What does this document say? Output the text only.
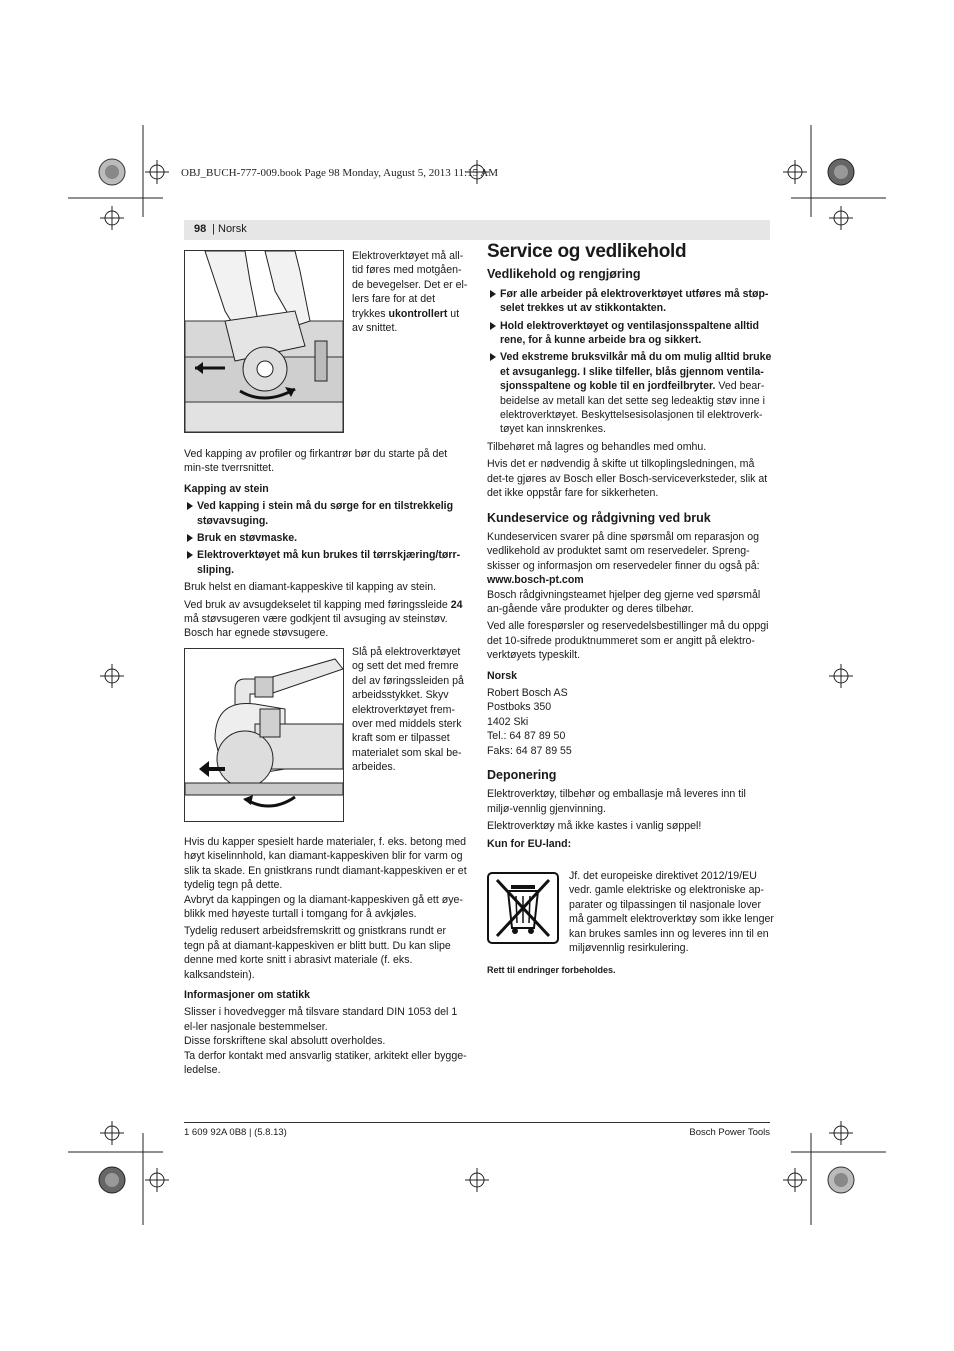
OBJ_BUCH-777-009.book Page 98 Monday, August 5, 2013 11:15 AM
98 | Norsk
Elektroverktøyet må all-
tid føres med motgåen-
de bevegelser. Det er el-
lers fare for at det
trykkes ukontrollert ut
av snittet.

Ved kapping av profiler og firkantrør bør du starte på det min-ste tverrsnittet.

Kapping av stein
Ved kapping i stein må du sørge for en tilstrekkelig støvavsuging.
Bruk en støvmaske.
Elektroverktøyet må kun brukes til tørrskjæring/tørr-sliping.

Bruk helst en diamant-kappeskive til kapping av stein.

Ved bruk av avsugdekselet til kapping med føringssleide 24 må støvsugeren være godkjent til avsuging av steinstøv. Bosch har egnede støvsugere.

Slå på elektroverktøyet
og sett det med fremre
del av føringssleiden på
arbeidsstykket. Skyv
elektroverktøyet frem-
over med middels sterk
kraft som er tilpasset
materialet som skal be-
arbeides.

Hvis du kapper spesielt harde materialer, f. eks. betong med høyt kiselinnhold, kan diamant-kappeskiven blir for varm og slik ta skade. En gnistkrans rundt diamant-kappeskiven er et tydelig tegn på dette.

Avbryt da kappingen og la diamant-kappeskiven gå ett øye-blikk med høyeste turtall i tomgang for å avkjøles.

Tydelig redusert arbeidsfremskritt og gnistkrans rundt er tegn på at diamant-kappeskiven er blitt butt. Du kan slipe denne med korte snitt i abrasivt materiale (f. eks. kalksandstein).

Informasjoner om statikk

Slisser i hovedvegger må tilsvare standard DIN 1053 del 1 el-ler nasjonale bestemmelser.

Disse forskriftene skal absolutt overholdes.

Ta derfor kontakt med ansvarlig statiker, arkitekt eller bygge-ledelse.

Service og vedlikehold
Vedlikehold og rengjøring
Før alle arbeider på elektroverktøyet utføres må støp-selet trekkes ut av stikkontakten.
Hold elektroverktøyet og ventilasjonsspaltene alltid rene, for å kunne arbeide bra og sikkert.
Ved ekstreme bruksvilkår må du om mulig alltid bruke et avsuganlegg. I slike tilfeller, blås gjennom ventila-sjonsspaltene og koble til en jordfeilbryter. Ved bear-beidelse av metall kan det sette seg ledeaktig støv inne i elektroverktøyet. Beskyttelsesisolasjonen til elektroverk-tøyet kan innskrenkes.

Tilbehøret må lagres og behandles med omhu.

Hvis det er nødvendig å skifte ut tilkoplingsledningen, må det-te gjøres av Bosch eller Bosch-serviceverksteder, slik at det ikke oppstår fare for sikkerheten.

Kundeservice og rådgivning ved bruk

Kundeservicen svarer på dine spørsmål om reparasjon og vedlikehold av produktet samt om reservedeler. Spreng-skisser og informasjon om reservedeler finner du også på:

www.bosch-pt.com

Bosch rådgivningsteamet hjelper deg gjerne ved spørsmål an-gående våre produkter og deres tilbehør.

Ved alle forespørsler og reservedelsbestillinger må du oppgi det 10-sifrede produktnummeret som er angitt på elektro-verktøyets typeskilt.

Norsk
Robert Bosch AS
Postboks 350
1402 Ski
Tel.: 64 87 89 50
Faks: 64 87 89 55
Deponering

Elektroverktøy, tilbehør og emballasje må leveres inn til miljø-vennlig gjenvinning.

Elektroverktøy må ikke kastes i vanlig søppel!

Kun for EU-land:
Jf. det europeiske direktivet 2012/19/EU
vedr. gamle elektriske og elektroniske ap-
parater og tilpassingen til nasjonale lover
må gammelt elektroverktøy som ikke lenger
kan brukes samles inn og leveres inn til en
miljøvennlig resirkulering.
Rett til endringer forbeholdes.
1 609 92A 0B8 | (5.8.13)	Bosch Power Tools
